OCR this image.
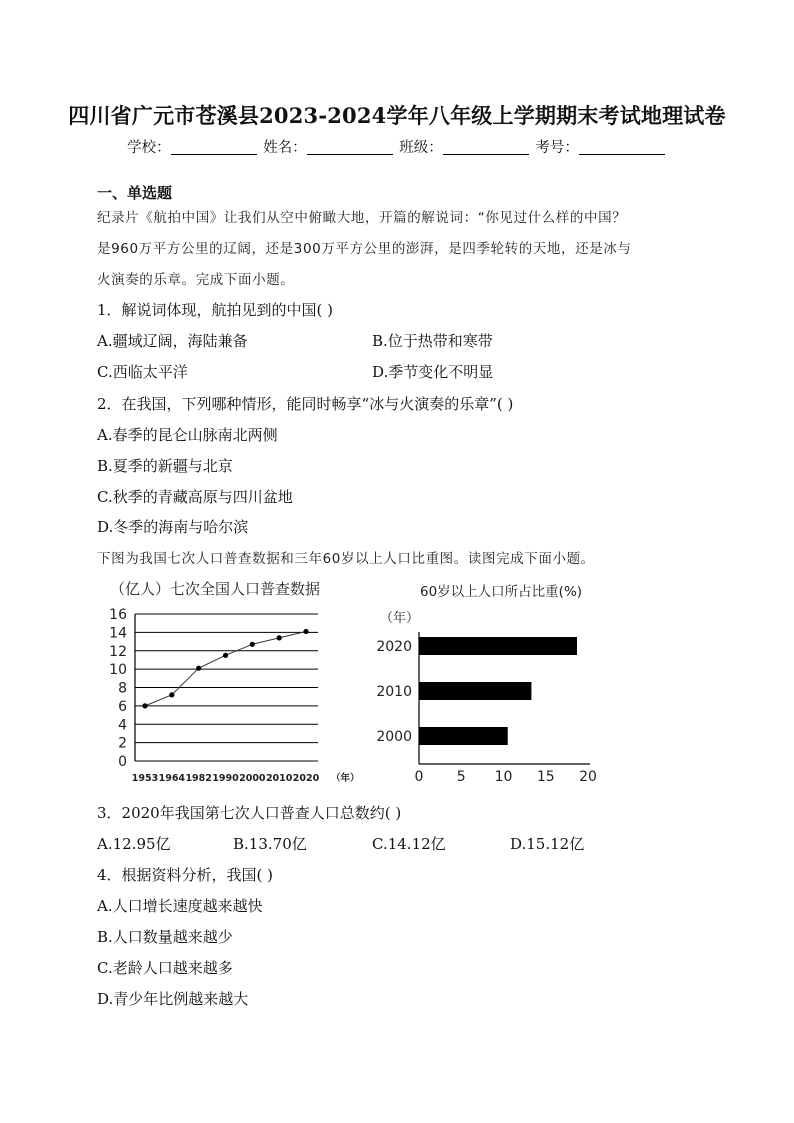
四川省广元市苍溪县2023-2024学年八年级上学期期末考试地理试卷
学校：	姓名：	班级：	考号：
一、单选题
纪录片《航拍中国》让我们从空中俯瞰大地，开篇的解说词：“你见过什么样的中国？
是960万平方公里的辽阔，还是300万平方公里的澎湃，是四季轮转的天地，还是冰与
火演奏的乐章。完成下面小题。
1．解说词体现，航拍见到的中国( )
A.疆域辽阔，海陆兼备	B.位于热带和寒带
C.西临太平洋	D.季节变化不明显
2．在我国，下列哪种情形，能同时畅享“冰与火演奏的乐章”( )
A.春季的昆仑山脉南北两侧
B.夏季的新疆与北京
C.秋季的青藏高原与四川盆地
D.冬季的海南与哈尔滨
下图为我国七次人口普查数据和三年60岁以上人口比重图。读图完成下面小题。
（亿人）七次全国人口普查数据
0
2
4
6
8
10
12
14
16
1953 1964 1982 1990 2000 2010 2020 （年）
60岁以上人口所占比重(%)
（年）
2020
2010
2000
0 5 10 15 20
3．2020年我国第七次人口普查人口总数约( )
A.12.95亿	B.13.70亿	C.14.12亿	D.15.12亿
4．根据资料分析，我国( )
A.人口增长速度越来越快
B.人口数量越来越少
C.老龄人口越来越多
D.青少年比例越来越大
